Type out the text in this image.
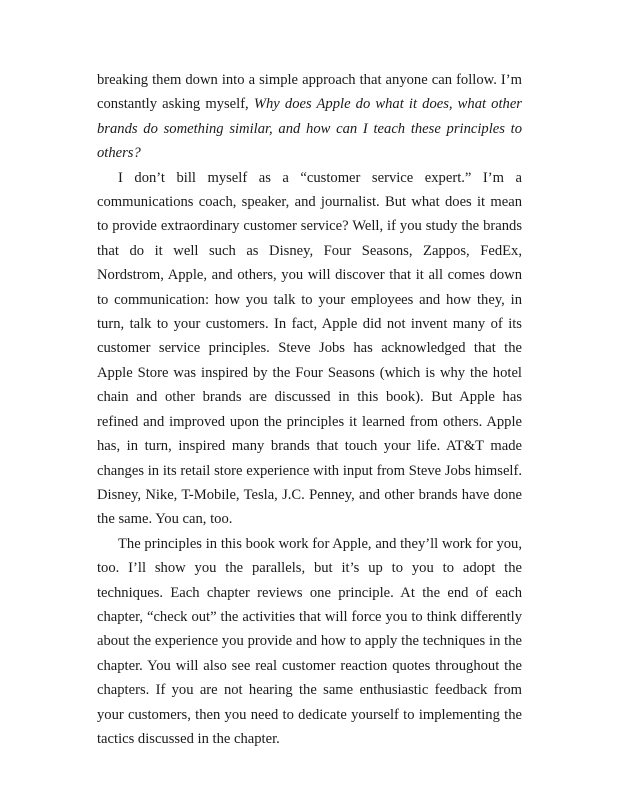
breaking them down into a simple approach that anyone can follow. I’m constantly asking myself, Why does Apple do what it does, what other brands do something similar, and how can I teach these principles to others?

I don’t bill myself as a “customer service expert.” I’m a communications coach, speaker, and journalist. But what does it mean to provide extraordinary customer service? Well, if you study the brands that do it well such as Disney, Four Seasons, Zappos, FedEx, Nordstrom, Apple, and others, you will discover that it all comes down to communication: how you talk to your employees and how they, in turn, talk to your customers. In fact, Apple did not invent many of its customer service principles. Steve Jobs has acknowledged that the Apple Store was inspired by the Four Seasons (which is why the hotel chain and other brands are discussed in this book). But Apple has refined and improved upon the principles it learned from others. Apple has, in turn, inspired many brands that touch your life. AT&T made changes in its retail store experience with input from Steve Jobs himself. Disney, Nike, T-Mobile, Tesla, J.C. Penney, and other brands have done the same. You can, too.

The principles in this book work for Apple, and they’ll work for you, too. I’ll show you the parallels, but it’s up to you to adopt the techniques. Each chapter reviews one principle. At the end of each chapter, “check out” the activities that will force you to think differently about the experience you provide and how to apply the techniques in the chapter. You will also see real customer reaction quotes throughout the chapters. If you are not hearing the same enthusiastic feedback from your customers, then you need to dedicate yourself to implementing the tactics discussed in the chapter.
